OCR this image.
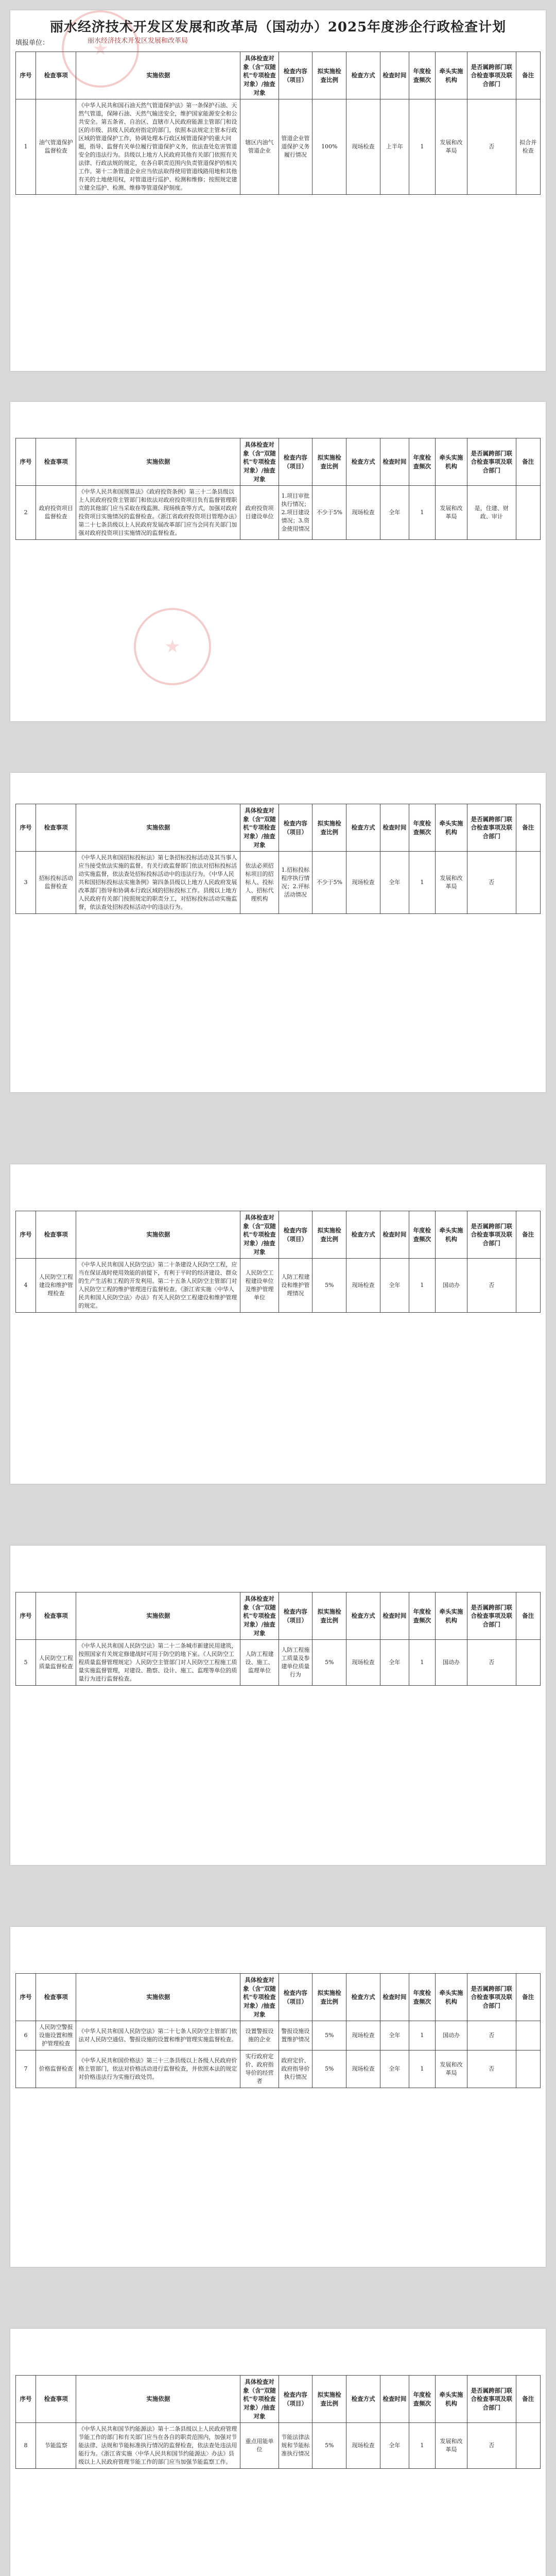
丽水经济技术开发区发展和改革局（国动办）2025年度涉企行政检查计划
填报单位：	丽水经济技术开发区发展和改革局
序号	检查事项	实施依据	具体检查对象（含"双随机"专项检查对象）/抽查对象	检查内容（项目）	拟实施检查比例	检查方式	检查时间	年度检查频次	牵头实施机构	是否属跨部门联合检查事项及联合部门	备注
1	油气管道保护监督检查	《中华人民共和国石油天然气管道保护法》第一条保护石油、天然气管道，保障石油、天然气输送安全，维护国家能源安全和公共安全。第五条省、自治区、直辖市人民政府能源主管部门和设区的市级、县级人民政府指定的部门，依照本法规定主管本行政区域的管道保护工作，协调处理本行政区域管道保护的重大问题，指导、监督有关单位履行管道保护义务，依法查处危害管道安全的违法行为。县级以上地方人民政府其他有关部门依照有关法律、行政法规的规定，在各自职责范围内负责管道保护的相关工作。第十二条管道企业应当依法取得使用管道线路用地和其他有关的土地使用权，对管道进行巡护、检测和维修；按照规定建立健全巡护、检测、维修等管道保护制度。	辖区内油气管道企业	管道企业管道保护义务履行情况	100%	现场检查	上半年	1	发展和改革局	否	拟合并检查
序号	检查事项	实施依据	具体检查对象（含"双随机"专项检查对象）/抽查对象	检查内容（项目）	拟实施检查比例	检查方式	检查时间	年度检查频次	牵头实施机构	是否属跨部门联合检查事项及联合部门	备注
2	政府投资项目监督检查	《中华人民共和国预算法》《政府投资条例》第三十二条县级以上人民政府投资主管部门和依法对政府投资项目负有监督管理职责的其他部门应当采取在线监测、现场核查等方式，加强对政府投资项目实施情况的监督检查。《浙江省政府投资项目管理办法》第二十七条县级以上人民政府发展改革部门应当会同有关部门加强对政府投资项目实施情况的监督检查。	政府投资项目建设单位	1.项目审批执行情况；2.项目建设情况；3.资金使用情况	不少于5%	现场检查	全年	1	发展和改革局	是，住建、财政、审计	
序号	检查事项	实施依据	具体检查对象（含"双随机"专项检查对象）/抽查对象	检查内容（项目）	拟实施检查比例	检查方式	检查时间	年度检查频次	牵头实施机构	是否属跨部门联合检查事项及联合部门	备注
3	招标投标活动监督检查	《中华人民共和国招标投标法》第七条招标投标活动及其当事人应当接受依法实施的监督。有关行政监督部门依法对招标投标活动实施监督，依法查处招标投标活动中的违法行为。《中华人民共和国招标投标法实施条例》第四条县级以上地方人民政府发展改革部门指导和协调本行政区域的招标投标工作。县级以上地方人民政府有关部门按照规定的职责分工，对招标投标活动实施监督，依法查处招标投标活动中的违法行为。	依法必须招标项目的招标人、投标人、招标代理机构	1.招标投标程序执行情况；2.评标活动情况	不少于5%	现场检查	全年	1	发展和改革局	否	
序号	检查事项	实施依据	具体检查对象（含"双随机"专项检查对象）/抽查对象	检查内容（项目）	拟实施检查比例	检查方式	检查时间	年度检查频次	牵头实施机构	是否属跨部门联合检查事项及联合部门	备注
4	人民防空工程建设和维护管理检查	《中华人民共和国人民防空法》第二十条建设人民防空工程，应当在保证战时使用效能的前提下，有利于平时的经济建设、群众的生产生活和工程的开发利用。第二十五条人民防空主管部门对人民防空工程的维护管理进行监督检查。《浙江省实施〈中华人民共和国人民防空法〉办法》有关人民防空工程建设和维护管理的规定。	人民防空工程建设单位及维护管理单位	人防工程建设和维护管理情况	5%	现场检查	全年	1	国动办	否	
序号	检查事项	实施依据	具体检查对象（含"双随机"专项检查对象）/抽查对象	检查内容（项目）	拟实施检查比例	检查方式	检查时间	年度检查频次	牵头实施机构	是否属跨部门联合检查事项及联合部门	备注
5	人民防空工程质量监督检查	《中华人民共和国人民防空法》第二十二条城市新建民用建筑，按照国家有关规定修建战时可用于防空的地下室。《人民防空工程质量监督管理规定》人民防空主管部门对人民防空工程施工质量实施监督管理，对建设、勘察、设计、施工、监理等单位的质量行为进行监督检查。	人防工程建设、施工、监理单位	人防工程施工质量及参建单位质量行为	5%	现场检查	全年	1	国动办	否	
序号	检查事项	实施依据	具体检查对象（含"双随机"专项检查对象）/抽查对象	检查内容（项目）	拟实施检查比例	检查方式	检查时间	年度检查频次	牵头实施机构	是否属跨部门联合检查事项及联合部门	备注
6	人民防空警报设施设置和维护管理检查	《中华人民共和国人民防空法》第二十七条人民防空主管部门依法对人民防空通信、警报设施的设置和维护管理实施监督检查。	设置警报设施的企业	警报设施设置维护情况	5%	现场检查	全年	1	国动办	否	
7	价格监督检查	《中华人民共和国价格法》第三十三条县级以上各级人民政府价格主管部门，依法对价格活动进行监督检查，并依照本法的规定对价格违法行为实施行政处罚。	实行政府定价、政府指导价的经营者	政府定价、政府指导价执行情况	5%	现场检查	全年	1	发展和改革局	否	
序号	检查事项	实施依据	具体检查对象（含"双随机"专项检查对象）/抽查对象	检查内容（项目）	拟实施检查比例	检查方式	检查时间	年度检查频次	牵头实施机构	是否属跨部门联合检查事项及联合部门	备注
8	节能监察	《中华人民共和国节约能源法》第十二条县级以上人民政府管理节能工作的部门和有关部门应当在各自的职责范围内，加强对节能法律、法规和节能标准执行情况的监督检查，依法查处违法用能行为。《浙江省实施〈中华人民共和国节约能源法〉办法》县级以上人民政府管理节能工作的部门应当加强节能监察工作。	重点用能单位	节能法律法规和节能标准执行情况	5%	现场检查	全年	1	发展和改革局	否	
